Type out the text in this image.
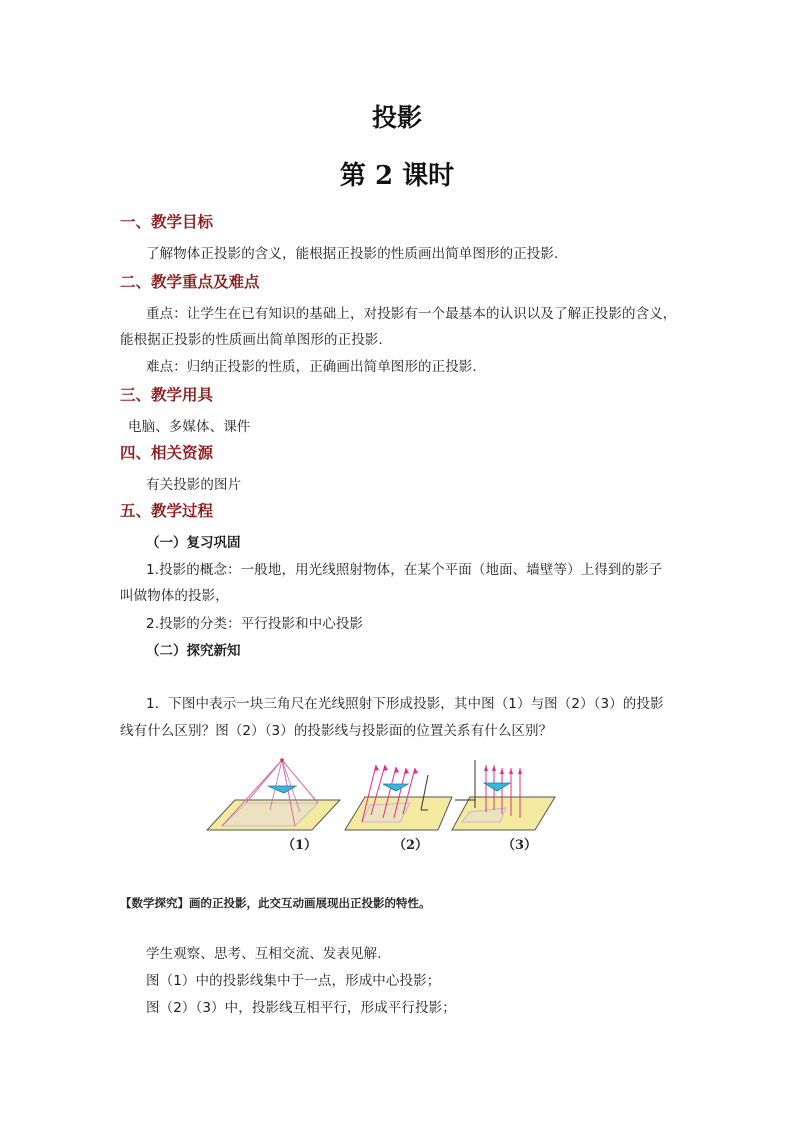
投影
第 2 课时
一、教学目标
了解物体正投影的含义，能根据正投影的性质画出简单图形的正投影.
二、教学重点及难点
重点：让学生在已有知识的基础上，对投影有一个最基本的认识以及了解正投影的含义，
能根据正投影的性质画出简单图形的正投影.
难点：归纳正投影的性质，正确画出简单图形的正投影.
三、教学用具
电脑、多媒体、课件
四、相关资源
有关投影的图片
五、教学过程
（一）复习巩固
1.投影的概念：一般地，用光线照射物体，在某个平面（地面、墙壁等）上得到的影子
叫做物体的投影，
2.投影的分类：平行投影和中心投影
（二）探究新知
1．下图中表示一块三角尺在光线照射下形成投影，其中图（1）与图（2）（3）的投影
线有什么区别？图（2）（3）的投影线与投影面的位置关系有什么区别？
（1）	（2）	（3）
【数学探究】画的正投影，此交互动画展现出正投影的特性。
学生观察、思考、互相交流、发表见解.
图（1）中的投影线集中于一点，形成中心投影；
图（2）（3）中，投影线互相平行，形成平行投影；
